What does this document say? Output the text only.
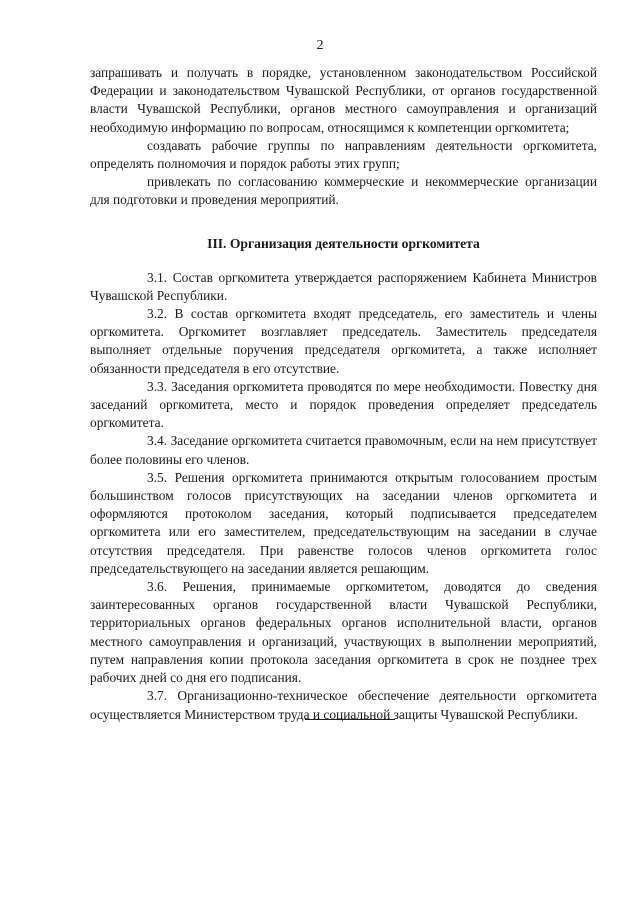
2

запрашивать и получать в порядке, установленном законодательством Российской Федерации и законодательством Чувашской Республики, от органов государственной власти Чувашской Республики, органов местного самоуправления и организаций необходимую информацию по вопросам, относящимся к компетенции оргкомитета;

создавать рабочие группы по направлениям деятельности оргкомитета, определять полномочия и порядок работы этих групп;

привлекать по согласованию коммерческие и некоммерческие организации для подготовки и проведения мероприятий.

III. Организация деятельности оргкомитета

3.1. Состав оргкомитета утверждается распоряжением Кабинета Министров Чувашской Республики.

3.2. В состав оргкомитета входят председатель, его заместитель и члены оргкомитета. Оргкомитет возглавляет председатель. Заместитель председателя выполняет отдельные поручения председателя оргкомитета, а также исполняет обязанности председателя в его отсутствие.

3.3. Заседания оргкомитета проводятся по мере необходимости. Повестку дня заседаний оргкомитета, место и порядок проведения определяет председатель оргкомитета.

3.4. Заседание оргкомитета считается правомочным, если на нем присутствует более половины его членов.

3.5. Решения оргкомитета принимаются открытым голосованием простым большинством голосов присутствующих на заседании членов оргкомитета и оформляются протоколом заседания, который подписывается председателем оргкомитета или его заместителем, председательствующим на заседании в случае отсутствия председателя. При равенстве голосов членов оргкомитета голос председательствующего на заседании является решающим.

3.6. Решения, принимаемые оргкомитетом, доводятся до сведения заинтересованных органов государственной власти Чувашской Республики, территориальных органов федеральных органов исполнительной власти, органов местного самоуправления и организаций, участвующих в выполнении мероприятий, путем направления копии протокола заседания оргкомитета в срок не позднее трех рабочих дней со дня его подписания.

3.7. Организационно-техническое обеспечение деятельности оргкомитета осуществляется Министерством труда и социальной защиты Чувашской Республики.
